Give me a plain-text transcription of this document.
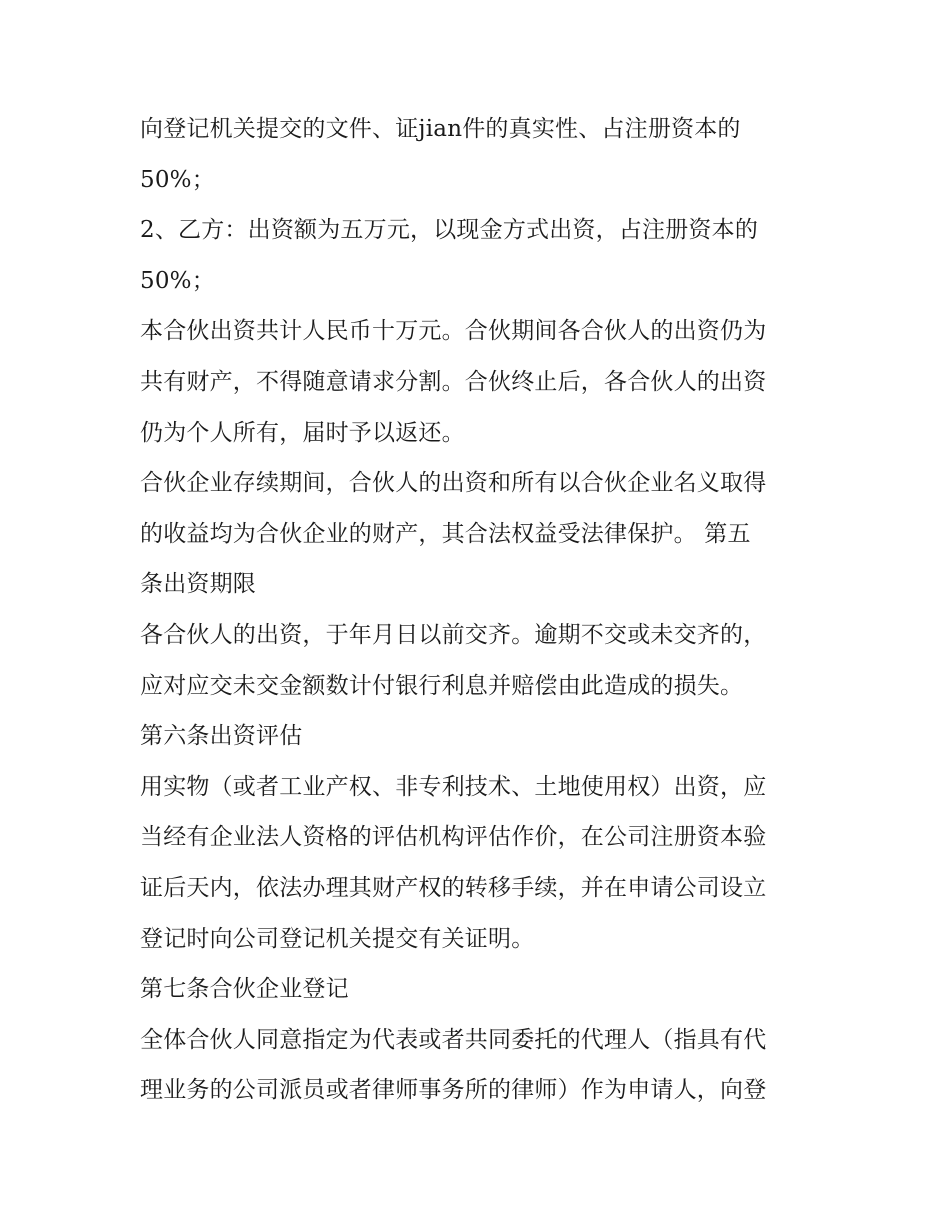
向登记机关提交的文件、证jian件的真实性、占注册资本的
50%；
2、乙方：出资额为五万元，以现金方式出资，占注册资本的
50%；
本合伙出资共计人民币十万元。合伙期间各合伙人的出资仍为
共有财产，不得随意请求分割。合伙终止后，各合伙人的出资
仍为个人所有，届时予以返还。
合伙企业存续期间，合伙人的出资和所有以合伙企业名义取得
的收益均为合伙企业的财产，其合法权益受法律保护。 第五
条出资期限
各合伙人的出资，于年月日以前交齐。逾期不交或未交齐的，
应对应交未交金额数计付银行利息并赔偿由此造成的损失。
第六条出资评估
用实物（或者工业产权、非专利技术、土地使用权）出资，应
当经有企业法人资格的评估机构评估作价，在公司注册资本验
证后天内，依法办理其财产权的转移手续，并在申请公司设立
登记时向公司登记机关提交有关证明。
第七条合伙企业登记
全体合伙人同意指定为代表或者共同委托的代理人（指具有代
理业务的公司派员或者律师事务所的律师）作为申请人，向登
